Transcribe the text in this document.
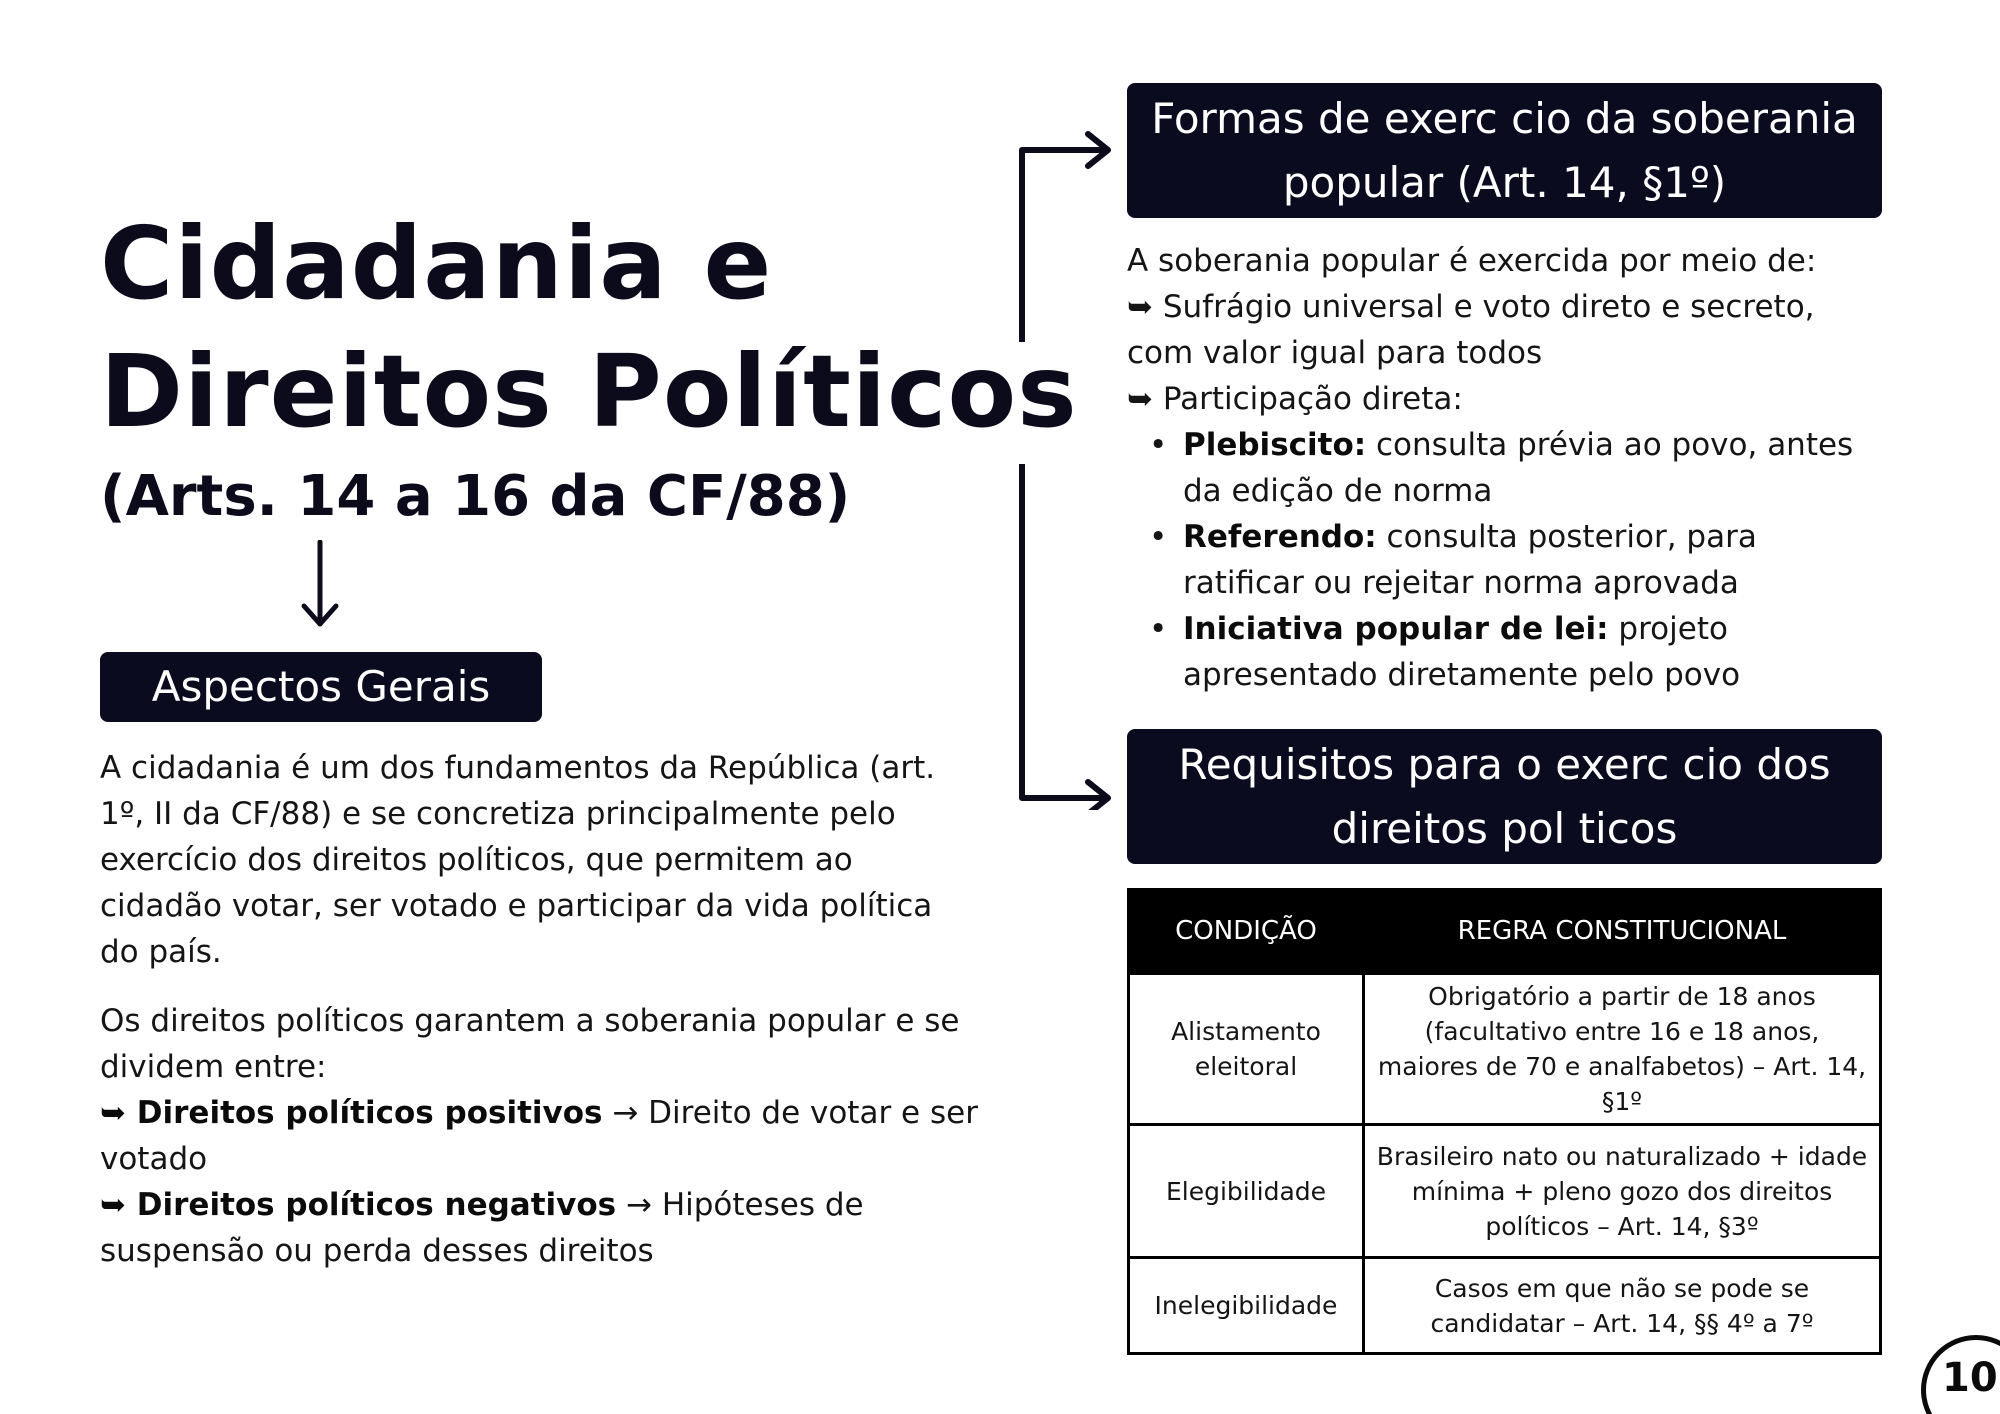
Cidadania e
Direitos Políticos
(Arts. 14 a 16 da CF/88)
Aspectos Gerais
A cidadania é um dos fundamentos da República (art. 1º, II da CF/88) e se concretiza principalmente pelo exercício dos direitos políticos, que permitem ao cidadão votar, ser votado e participar da vida política do país.
Os direitos políticos garantem a soberania popular e se dividem entre:
➥ Direitos políticos positivos → Direito de votar e ser votado
➥ Direitos políticos negativos → Hipóteses de suspensão ou perda desses direitos
Formas de exerc cio da soberania
popular (Art. 14, §1º)
A soberania popular é exercida por meio de:
➥ Sufrágio universal e voto direto e secreto, com valor igual para todos
➥ Participação direta:
• Plebiscito: consulta prévia ao povo, antes da edição de norma
• Referendo: consulta posterior, para ratificar ou rejeitar norma aprovada
• Iniciativa popular de lei: projeto apresentado diretamente pelo povo
Requisitos para o exerc cio dos
direitos pol ticos
CONDIÇÃO	REGRA CONSTITUCIONAL
Alistamento eleitoral	Obrigatório a partir de 18 anos (facultativo entre 16 e 18 anos, maiores de 70 e analfabetos) – Art. 14, §1º
Elegibilidade	Brasileiro nato ou naturalizado + idade mínima + pleno gozo dos direitos políticos – Art. 14, §3º
Inelegibilidade	Casos em que não se pode se candidatar – Art. 14, §§ 4º a 7º
10
